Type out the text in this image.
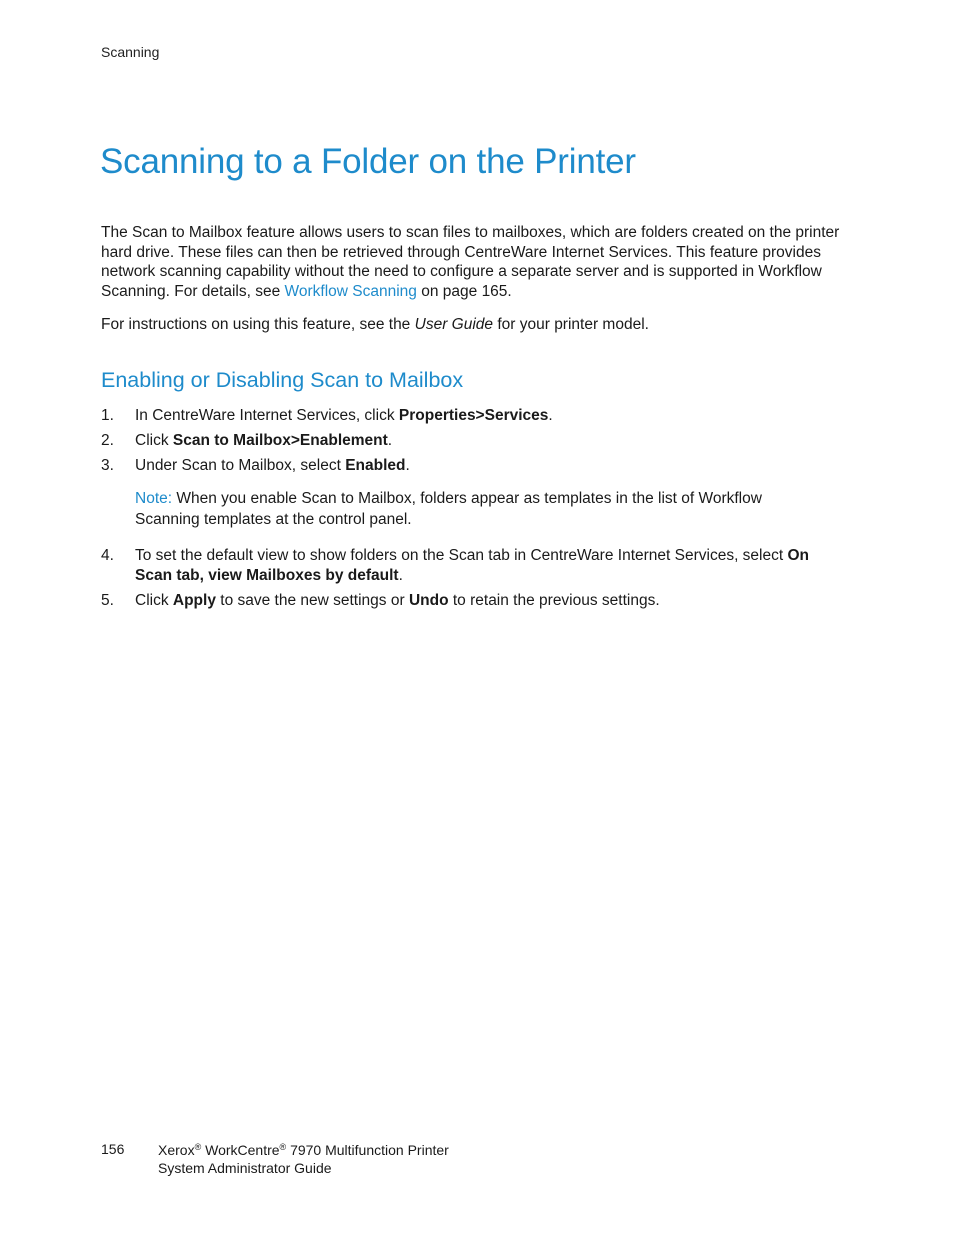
Scanning
Scanning to a Folder on the Printer

The Scan to Mailbox feature allows users to scan files to mailboxes, which are folders created on the printer hard drive. These files can then be retrieved through CentreWare Internet Services. This feature provides network scanning capability without the need to configure a separate server and is supported in Workflow Scanning. For details, see Workflow Scanning on page 165.

For instructions on using this feature, see the User Guide for your printer model.

Enabling or Disabling Scan to Mailbox
1. In CentreWare Internet Services, click Properties>Services.
2. Click Scan to Mailbox>Enablement.
3. Under Scan to Mailbox, select Enabled.
Note: When you enable Scan to Mailbox, folders appear as templates in the list of Workflow Scanning templates at the control panel.
4. To set the default view to show folders on the Scan tab in CentreWare Internet Services, select On Scan tab, view Mailboxes by default.
5. Click Apply to save the new settings or Undo to retain the previous settings.
156 Xerox® WorkCentre® 7970 Multifunction Printer
System Administrator Guide
